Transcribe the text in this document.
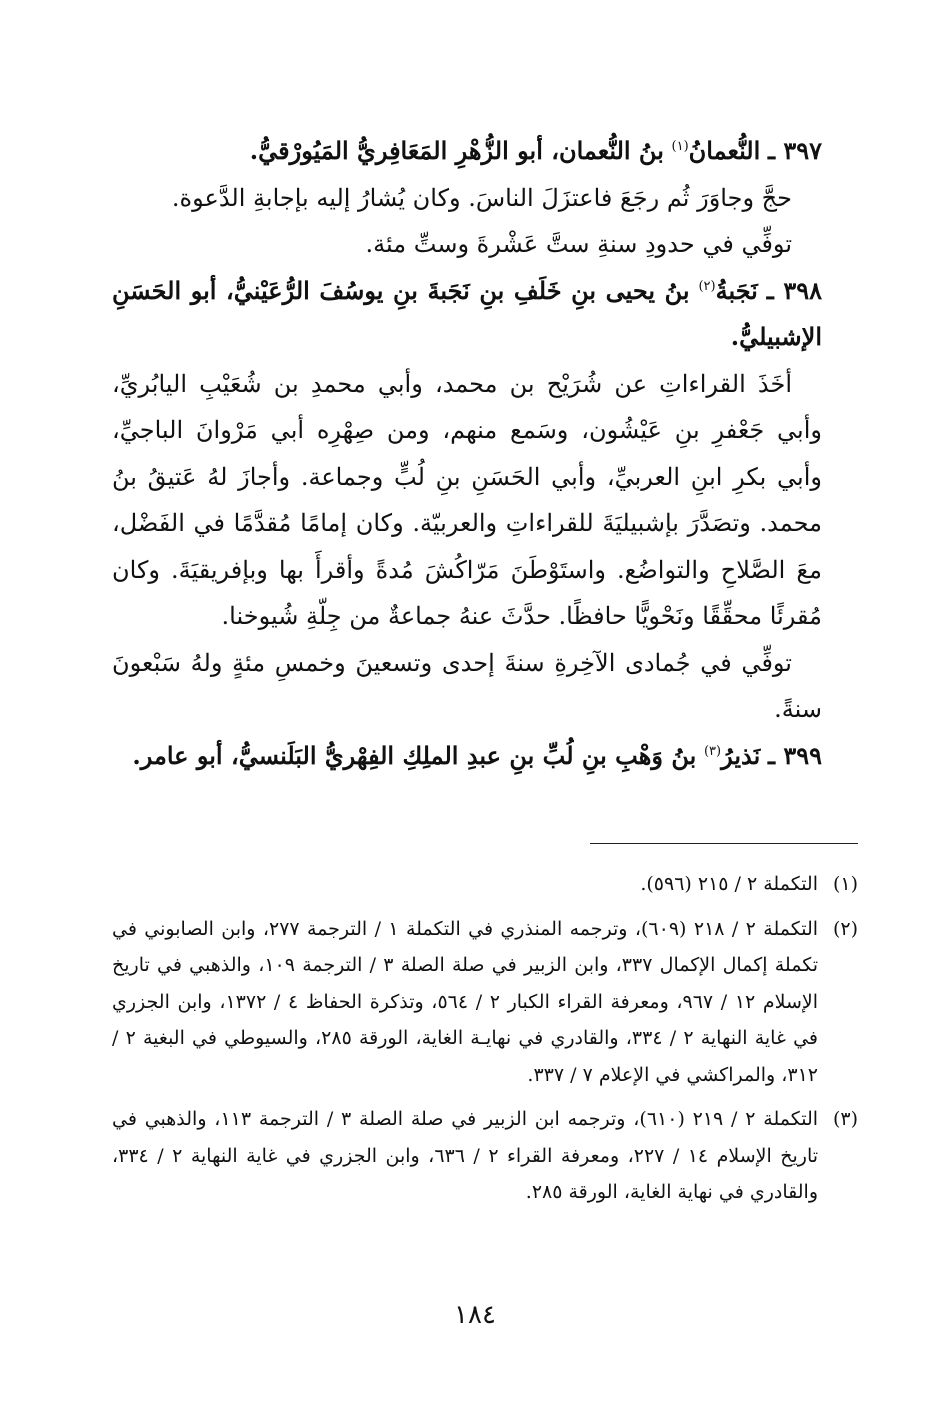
٣٩٧ ـ النُّعمانُ$^{(١)}$ بنُ النُّعمان، أبو الزُّهْرِ المَعَافِريُّ المَيُورْقيُّ.

حجَّ وجاوَرَ ثُم رجَعَ فاعتزَلَ الناسَ. وكان يُشارُ إليه بإجابةِ الدَّعوة.

توفِّي في حدودِ سنةِ ستَّ عَشْرةَ وستِّ مئة.

٣٩٨ ـ نَجَبةُ$^{(٢)}$ بنُ يحيى بنِ خَلَفِ بنِ نَجَبةَ بنِ يوسُفَ الرُّعَيْنيُّ، أبو الحَسَنِ الإشبيليُّ.

أخَذَ القراءاتِ عن شُرَيْح بن محمد، وأبي محمدِ بن شُعَيْبِ اليابُريِّ، وأبي جَعْفرِ بنِ عَيْشُون، وسَمع منهم، ومن صِهْرِه أبي مَرْوانَ الباجيِّ، وأبي بكرِ ابنِ العربيِّ، وأبي الحَسَنِ بنِ لُبٍّ وجماعة. وأجازَ لهُ عَتيقُ بنُ محمد. وتصَدَّرَ بإشبيليَةَ للقراءاتِ والعربيّة. وكان إمامًا مُقدَّمًا في الفَضْل، معَ الصَّلاحِ والتواضُع. واستَوْطَنَ مَرّاكُشَ مُدةً وأقرأَ بها وبإفريقيَةَ. وكان مُقرئًا محقِّقًا ونَحْويًّا حافظًا. حدَّثَ عنهُ جماعةٌ من جِلّةِ شُيوخنا.

توفِّي في جُمادى الآخِرةِ سنةَ إحدى وتسعينَ وخمسِ مئةٍ ولهُ سَبْعونَ سنةً.

٣٩٩ ـ نَذيرُ$^{(٣)}$ بنُ وَهْبِ بنِ لُبِّ بنِ عبدِ الملِكِ الفِهْريُّ البَلَنسيُّ، أبو عامر.

(١)
التكملة ٢ / ٢١٥ (٥٩٦).
(٢)
التكملة ٢ / ٢١٨ (٦٠٩)، وترجمه المنذري في التكملة ١ / الترجمة ٢٧٧، وابن الصابوني في تكملة إكمال الإكمال ٣٣٧، وابن الزبير في صلة الصلة ٣ / الترجمة ١٠٩، والذهبي في تاريخ الإسلام ١٢ / ٩٦٧، ومعرفة القراء الكبار ٢ / ٥٦٤، وتذكرة الحفاظ ٤ / ١٣٧٢، وابن الجزري في غاية النهاية ٢ / ٣٣٤، والقادري في نهايـة الغاية، الورقة ٢٨٥، والسيوطي في البغية ٢ / ٣١٢، والمراكشي في الإعلام ٧ / ٣٣٧.
(٣)
التكملة ٢ / ٢١٩ (٦١٠)، وترجمه ابن الزبير في صلة الصلة ٣ / الترجمة ١١٣، والذهبي في تاريخ الإسلام ١٤ / ٢٢٧، ومعرفة القراء ٢ / ٦٣٦، وابن الجزري في غاية النهاية ٢ / ٣٣٤، والقادري في نهاية الغاية، الورقة ٢٨٥.
١٨٤
